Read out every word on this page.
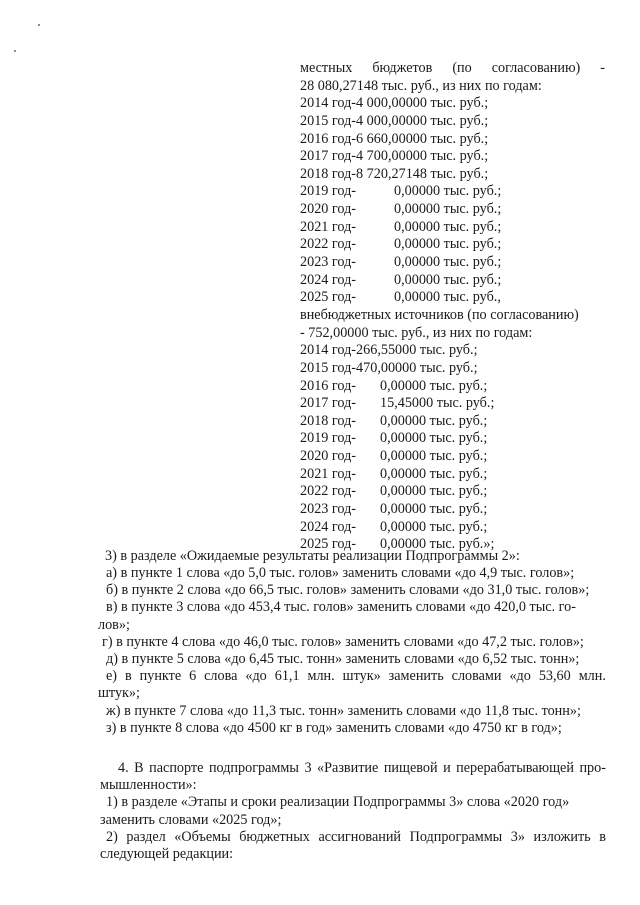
местных бюджетов (по согласованию) -
28 080,27148 тыс. руб., из них по годам:
2014 год-4 000,00000 тыс. руб.;
2015 год-4 000,00000 тыс. руб.;
2016 год-6 660,00000 тыс. руб.;
2017 год-4 700,00000 тыс. руб.;
2018 год-8 720,27148 тыс. руб.;
2019 год-	0,00000 тыс. руб.;
2020 год-	0,00000 тыс. руб.;
2021 год-	0,00000 тыс. руб.;
2022 год-	0,00000 тыс. руб.;
2023 год-	0,00000 тыс. руб.;
2024 год-	0,00000 тыс. руб.;
2025 год-	0,00000 тыс. руб.,
внебюджетных источников (по согласованию)
- 752,00000 тыс. руб., из них по годам:
2014 год-266,55000 тыс. руб.;
2015 год-470,00000 тыс. руб.;
2016 год- 0,00000 тыс. руб.;
2017 год- 15,45000 тыс. руб.;
2018 год- 0,00000 тыс. руб.;
2019 год- 0,00000 тыс. руб.;
2020 год- 0,00000 тыс. руб.;
2021 год- 0,00000 тыс. руб.;
2022 год- 0,00000 тыс. руб.;
2023 год- 0,00000 тыс. руб.;
2024 год- 0,00000 тыс. руб.;
2025 год- 0,00000 тыс. руб.»;
3) в разделе «Ожидаемые результаты реализации Подпрограммы 2»:
а) в пункте 1 слова «до 5,0 тыс. голов» заменить словами «до 4,9 тыс. голов»;
б) в пункте 2 слова «до 66,5 тыс. голов» заменить словами «до 31,0 тыс. голов»;
в) в пункте 3 слова «до 453,4 тыс. голов» заменить словами «до 420,0 тыс. го-
лов»;
г) в пункте 4 слова «до 46,0 тыс. голов» заменить словами «до 47,2 тыс. голов»;
д) в пункте 5 слова «до 6,45 тыс. тонн» заменить словами «до 6,52 тыс. тонн»;
е) в пункте 6 слова «до 61,1 млн. штук» заменить словами «до 53,60 млн.
штук»;
ж) в пункте 7 слова «до 11,3 тыс. тонн» заменить словами «до 11,8 тыс. тонн»;
з) в пункте 8 слова «до 4500 кг в год» заменить словами «до 4750 кг в год»;
4. В паспорте подпрограммы 3 «Развитие пищевой и перерабатывающей про-
мышленности»:
1) в разделе «Этапы и сроки реализации Подпрограммы 3» слова «2020 год»
заменить словами «2025 год»;
2) раздел «Объемы бюджетных ассигнований Подпрограммы 3» изложить в
следующей редакции:
